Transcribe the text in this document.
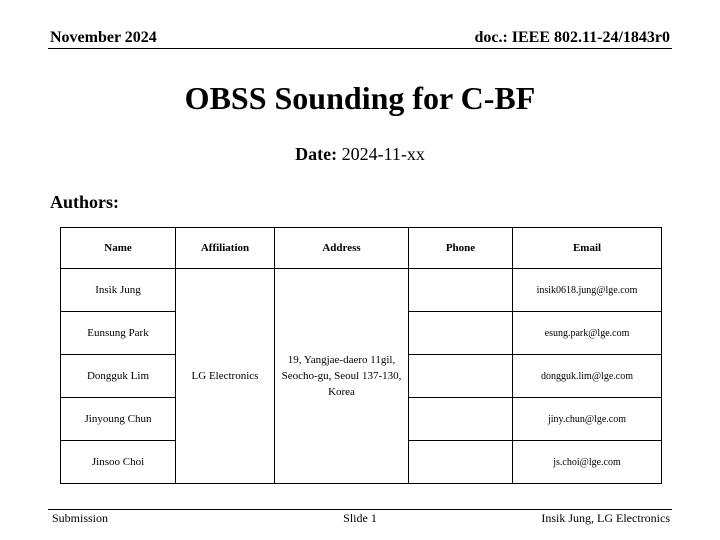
November 2024	doc.: IEEE 802.11-24/1843r0
OBSS Sounding for C-BF
Date: 2024-11-xx
Authors:
Name	Affiliation	Address	Phone	Email
Insik Jung	LG Electronics	19, Yangjae-daero 11gil, Seocho-gu, Seoul 137-130, Korea		insik0618.jung@lge.com
Eunsung Park				esung.park@lge.com
Dongguk Lim				dongguk.lim@lge.com
Jinyoung Chun				jiny.chun@lge.com
Jinsoo Choi				js.choi@lge.com
Submission	Slide 1	Insik Jung, LG Electronics
